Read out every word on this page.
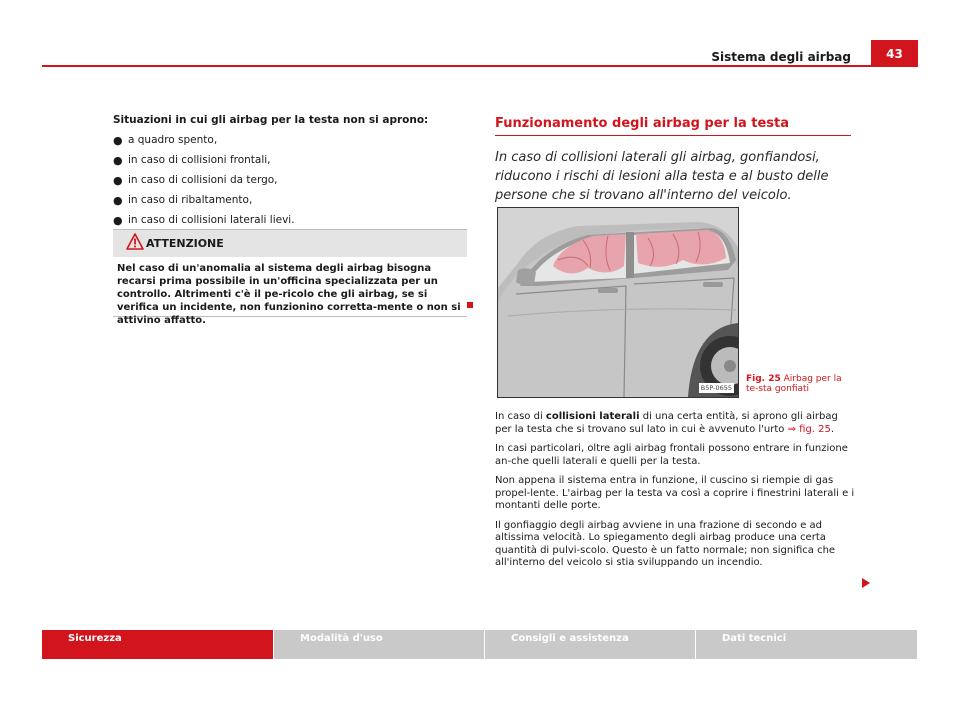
Sistema degli airbag	43

Situazioni in cui gli airbag per la testa non si aprono:

● a quadro spento,
● in caso di collisioni frontali,
● in caso di collisioni da tergo,
● in caso di ribaltamento,
● in caso di collisioni laterali lievi.
ATTENZIONE
Nel caso di un'anomalia al sistema degli airbag bisogna recarsi prima possibile in un'officina specializzata per un controllo. Altrimenti c'è il pe-ricolo che gli airbag, se si verifica un incidente, non funzionino corretta-mente o non si attivino affatto.
Funzionamento degli airbag per la testa

In caso di collisioni laterali gli airbag, gonfiandosi, riducono i rischi di lesioni alla testa e al busto delle persone che si trovano all'interno del veicolo.

B5P-0655
Fig. 25 Airbag per la te-sta gonfiati

In caso di collisioni laterali di una certa entità, si aprono gli airbag per la testa che si trovano sul lato in cui è avvenuto l'urto ⇒ fig. 25.

In casi particolari, oltre agli airbag frontali possono entrare in funzione an-che quelli laterali e quelli per la testa.

Non appena il sistema entra in funzione, il cuscino si riempie di gas propel-lente. L'airbag per la testa va così a coprire i finestrini laterali e i montanti delle porte.

Il gonfiaggio degli airbag avviene in una frazione di secondo e ad altissima velocità. Lo spiegamento degli airbag produce una certa quantità di pulvi-scolo. Questo è un fatto normale; non significa che all'interno del veicolo si stia sviluppando un incendio.

Sicurezza	Modalità d'uso	Consigli e assistenza	Dati tecnici
